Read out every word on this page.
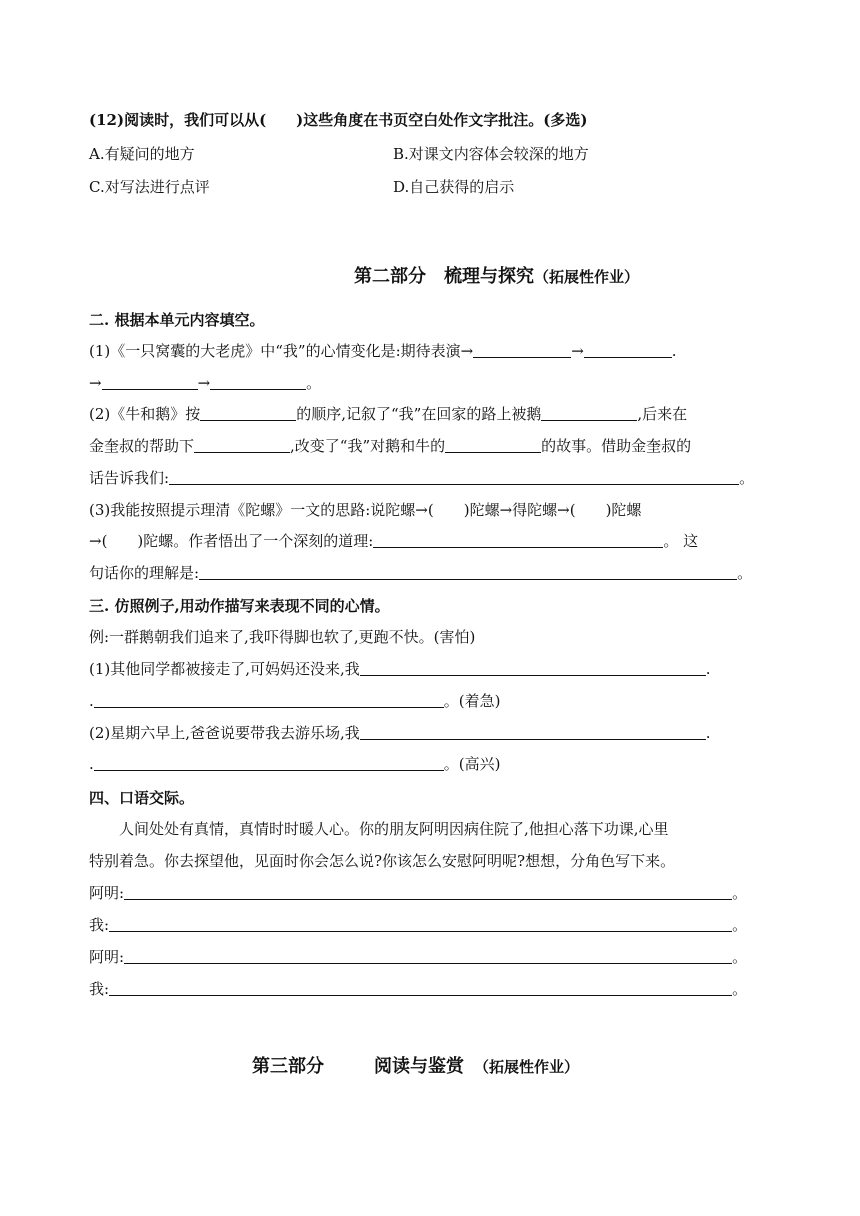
(12)阅读时，我们可以从(　　)这些角度在书页空白处作文字批注。(多选)
A.有疑问的地方	B.对课文内容体会较深的地方
C.对写法进行点评	D.自己获得的启示
第二部分　梳理与探究（拓展性作业）
二. 根据本单元内容填空。
(1)《一只窝囊的大老虎》中“我”的心情变化是:期待表演→	→	.
→	→	。
(2)《牛和鹅》按	的顺序,记叙了“我”在回家的路上被鹅	,后来在
金奎叔的帮助下	,改变了“我”对鹅和牛的	的故事。借助金奎叔的
话告诉我们:	。
(3)我能按照提示理清《陀螺》一文的思路:说陀螺→(　　)陀螺→得陀螺→(　　)陀螺
→(　　)陀螺。作者悟出了一个深刻的道理:	。 这
句话你的理解是:	。
三. 仿照例子,用动作描写来表现不同的心情。
例:一群鹅朝我们追来了,我吓得脚也软了,更跑不快。(害怕)
(1)其他同学都被接走了,可妈妈还没来,我	.
.	。(着急)
(2)星期六早上,爸爸说要带我去游乐场,我	.
.	。(高兴)
四、口语交际。
人间处处有真情，真情时时暖人心。你的朋友阿明因病住院了,他担心落下功课,心里
特别着急。你去探望他，见面时你会怎么说?你该怎么安慰阿明呢?想想，分角色写下来。
阿明:	。
我:	。
阿明:	。
我:	。
第三部分	阅读与鉴赏 （拓展性作业）
